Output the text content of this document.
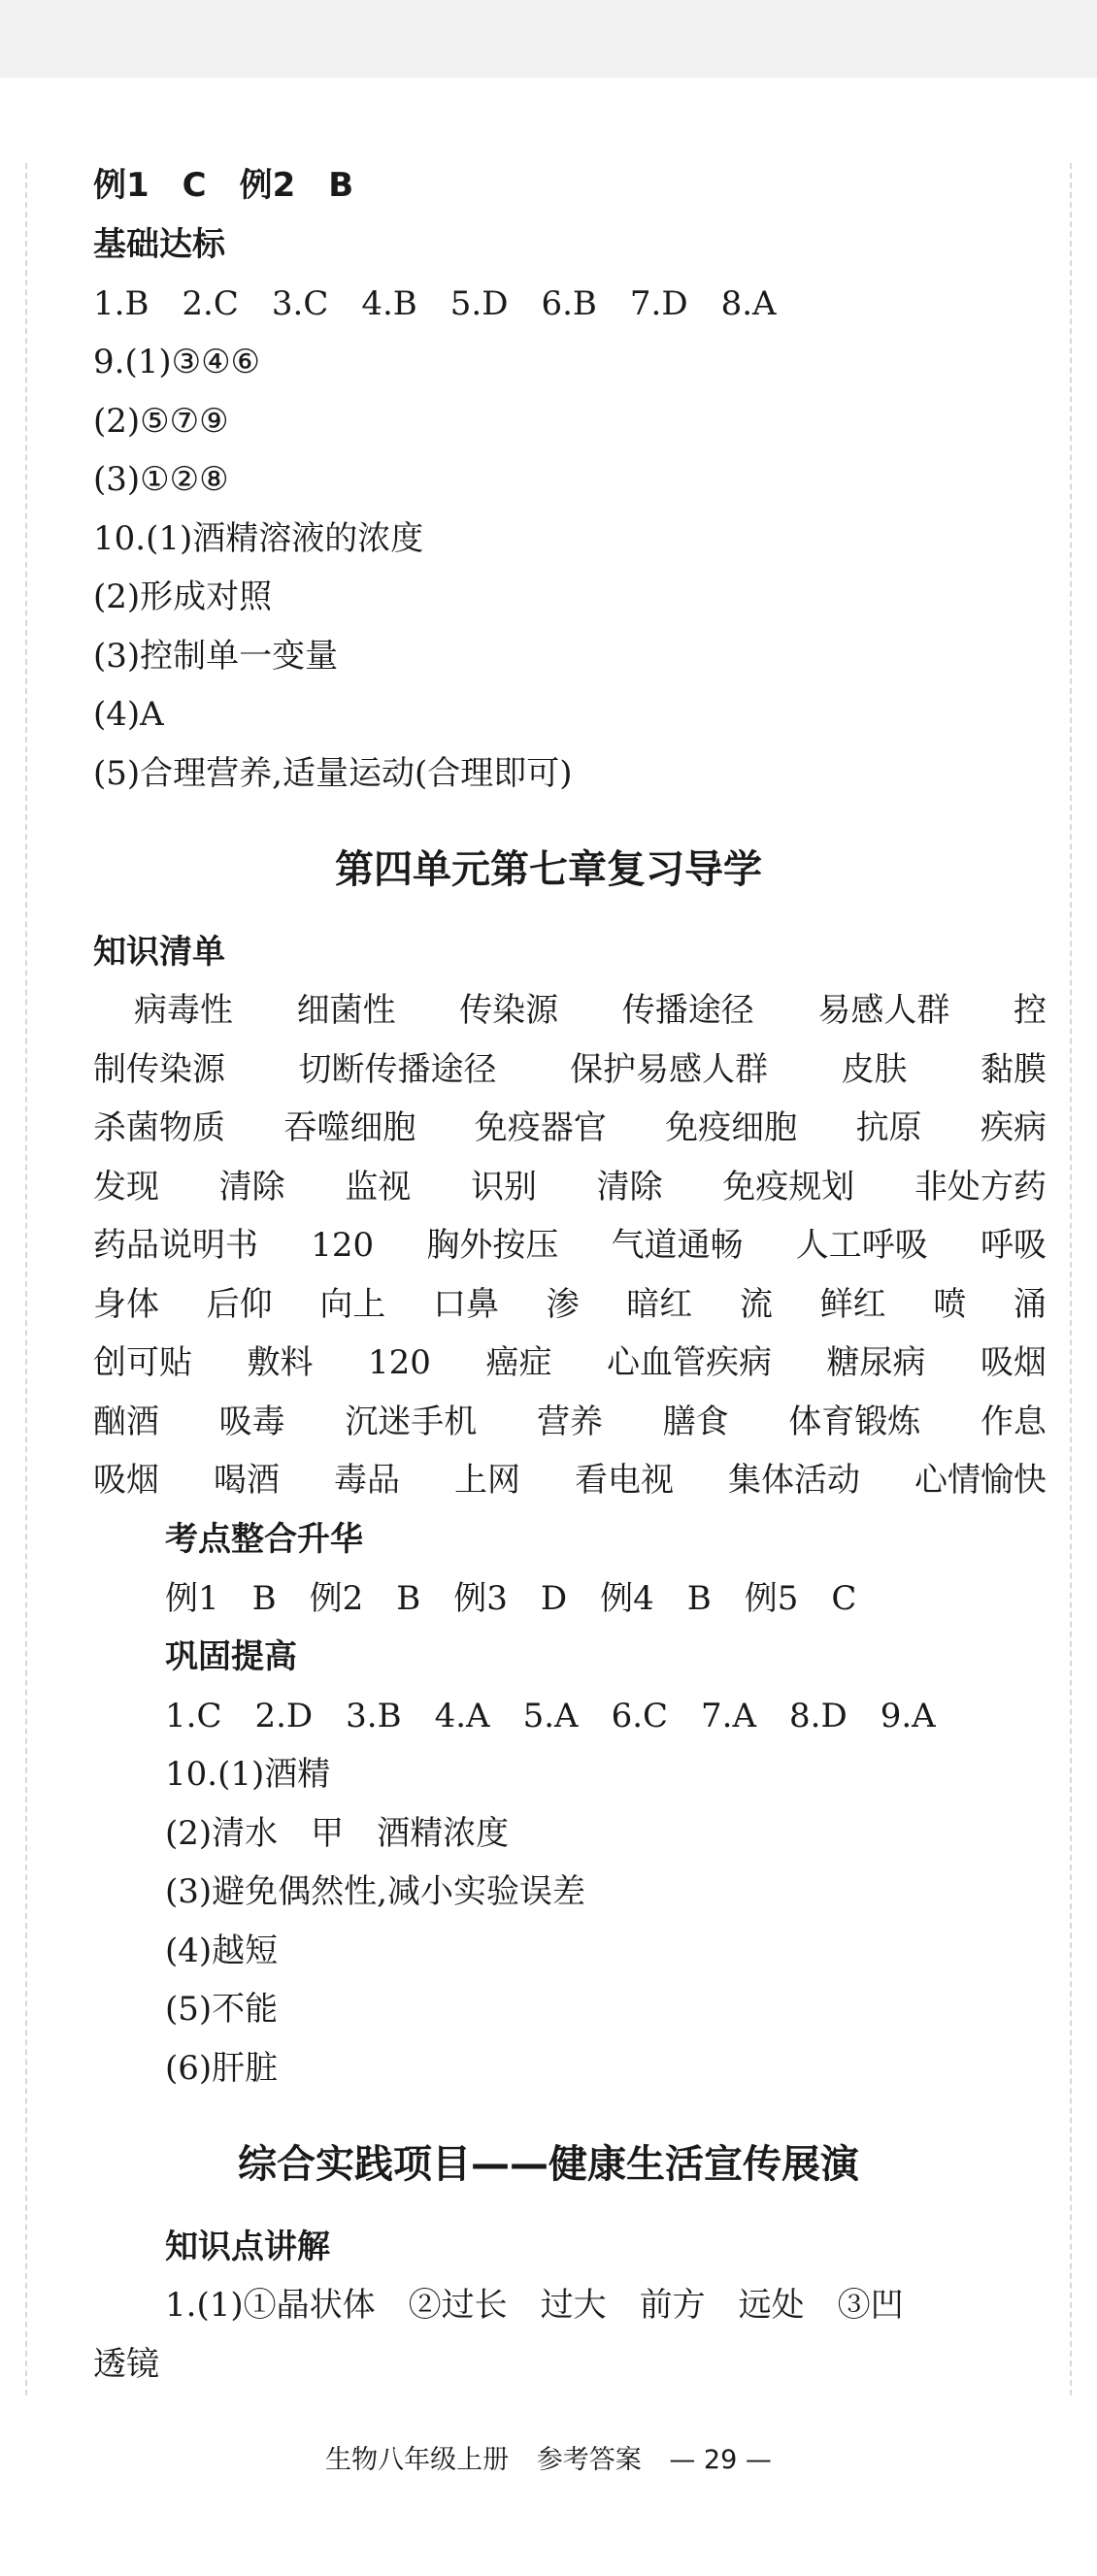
例1　C　例2　B

基础达标

1.B　2.C　3.C　4.B　5.D　6.B　7.D　8.A

9.(1)③④⑥

(2)⑤⑦⑨

(3)①②⑧

10.(1)酒精溶液的浓度

(2)形成对照

(3)控制单一变量

(4)A

(5)合理营养,适量运动(合理即可)

第四单元第七章复习导学

知识清单

病毒性 细菌性 传染源 传播途径 易感人群 控
制传染源 切断传播途径 保护易感人群 皮肤 黏膜
杀菌物质 吞噬细胞 免疫器官 免疫细胞 抗原 疾病
发现 清除 监视 识别 清除 免疫规划 非处方药
药品说明书 120 胸外按压 气道通畅 人工呼吸 呼吸
身体 后仰 向上 口鼻 渗 暗红 流 鲜红 喷 涌
创可贴 敷料 120 癌症 心血管疾病 糖尿病 吸烟
酗酒 吸毒 沉迷手机 营养 膳食 体育锻炼 作息
吸烟 喝酒 毒品 上网 看电视 集体活动 心情愉快

考点整合升华

例1　B　例2　B　例3　D　例4　B　例5　C

巩固提高

1.C　2.D　3.B　4.A　5.A　6.C　7.A　8.D　9.A

10.(1)酒精

(2)清水　甲　酒精浓度

(3)避免偶然性,减小实验误差

(4)越短

(5)不能

(6)肝脏

综合实践项目——健康生活宣传展演

知识点讲解

1.(1)①晶状体　②过长　过大　前方　远处　③凹

透镜

生物八年级上册 参考答案 — 29 —
